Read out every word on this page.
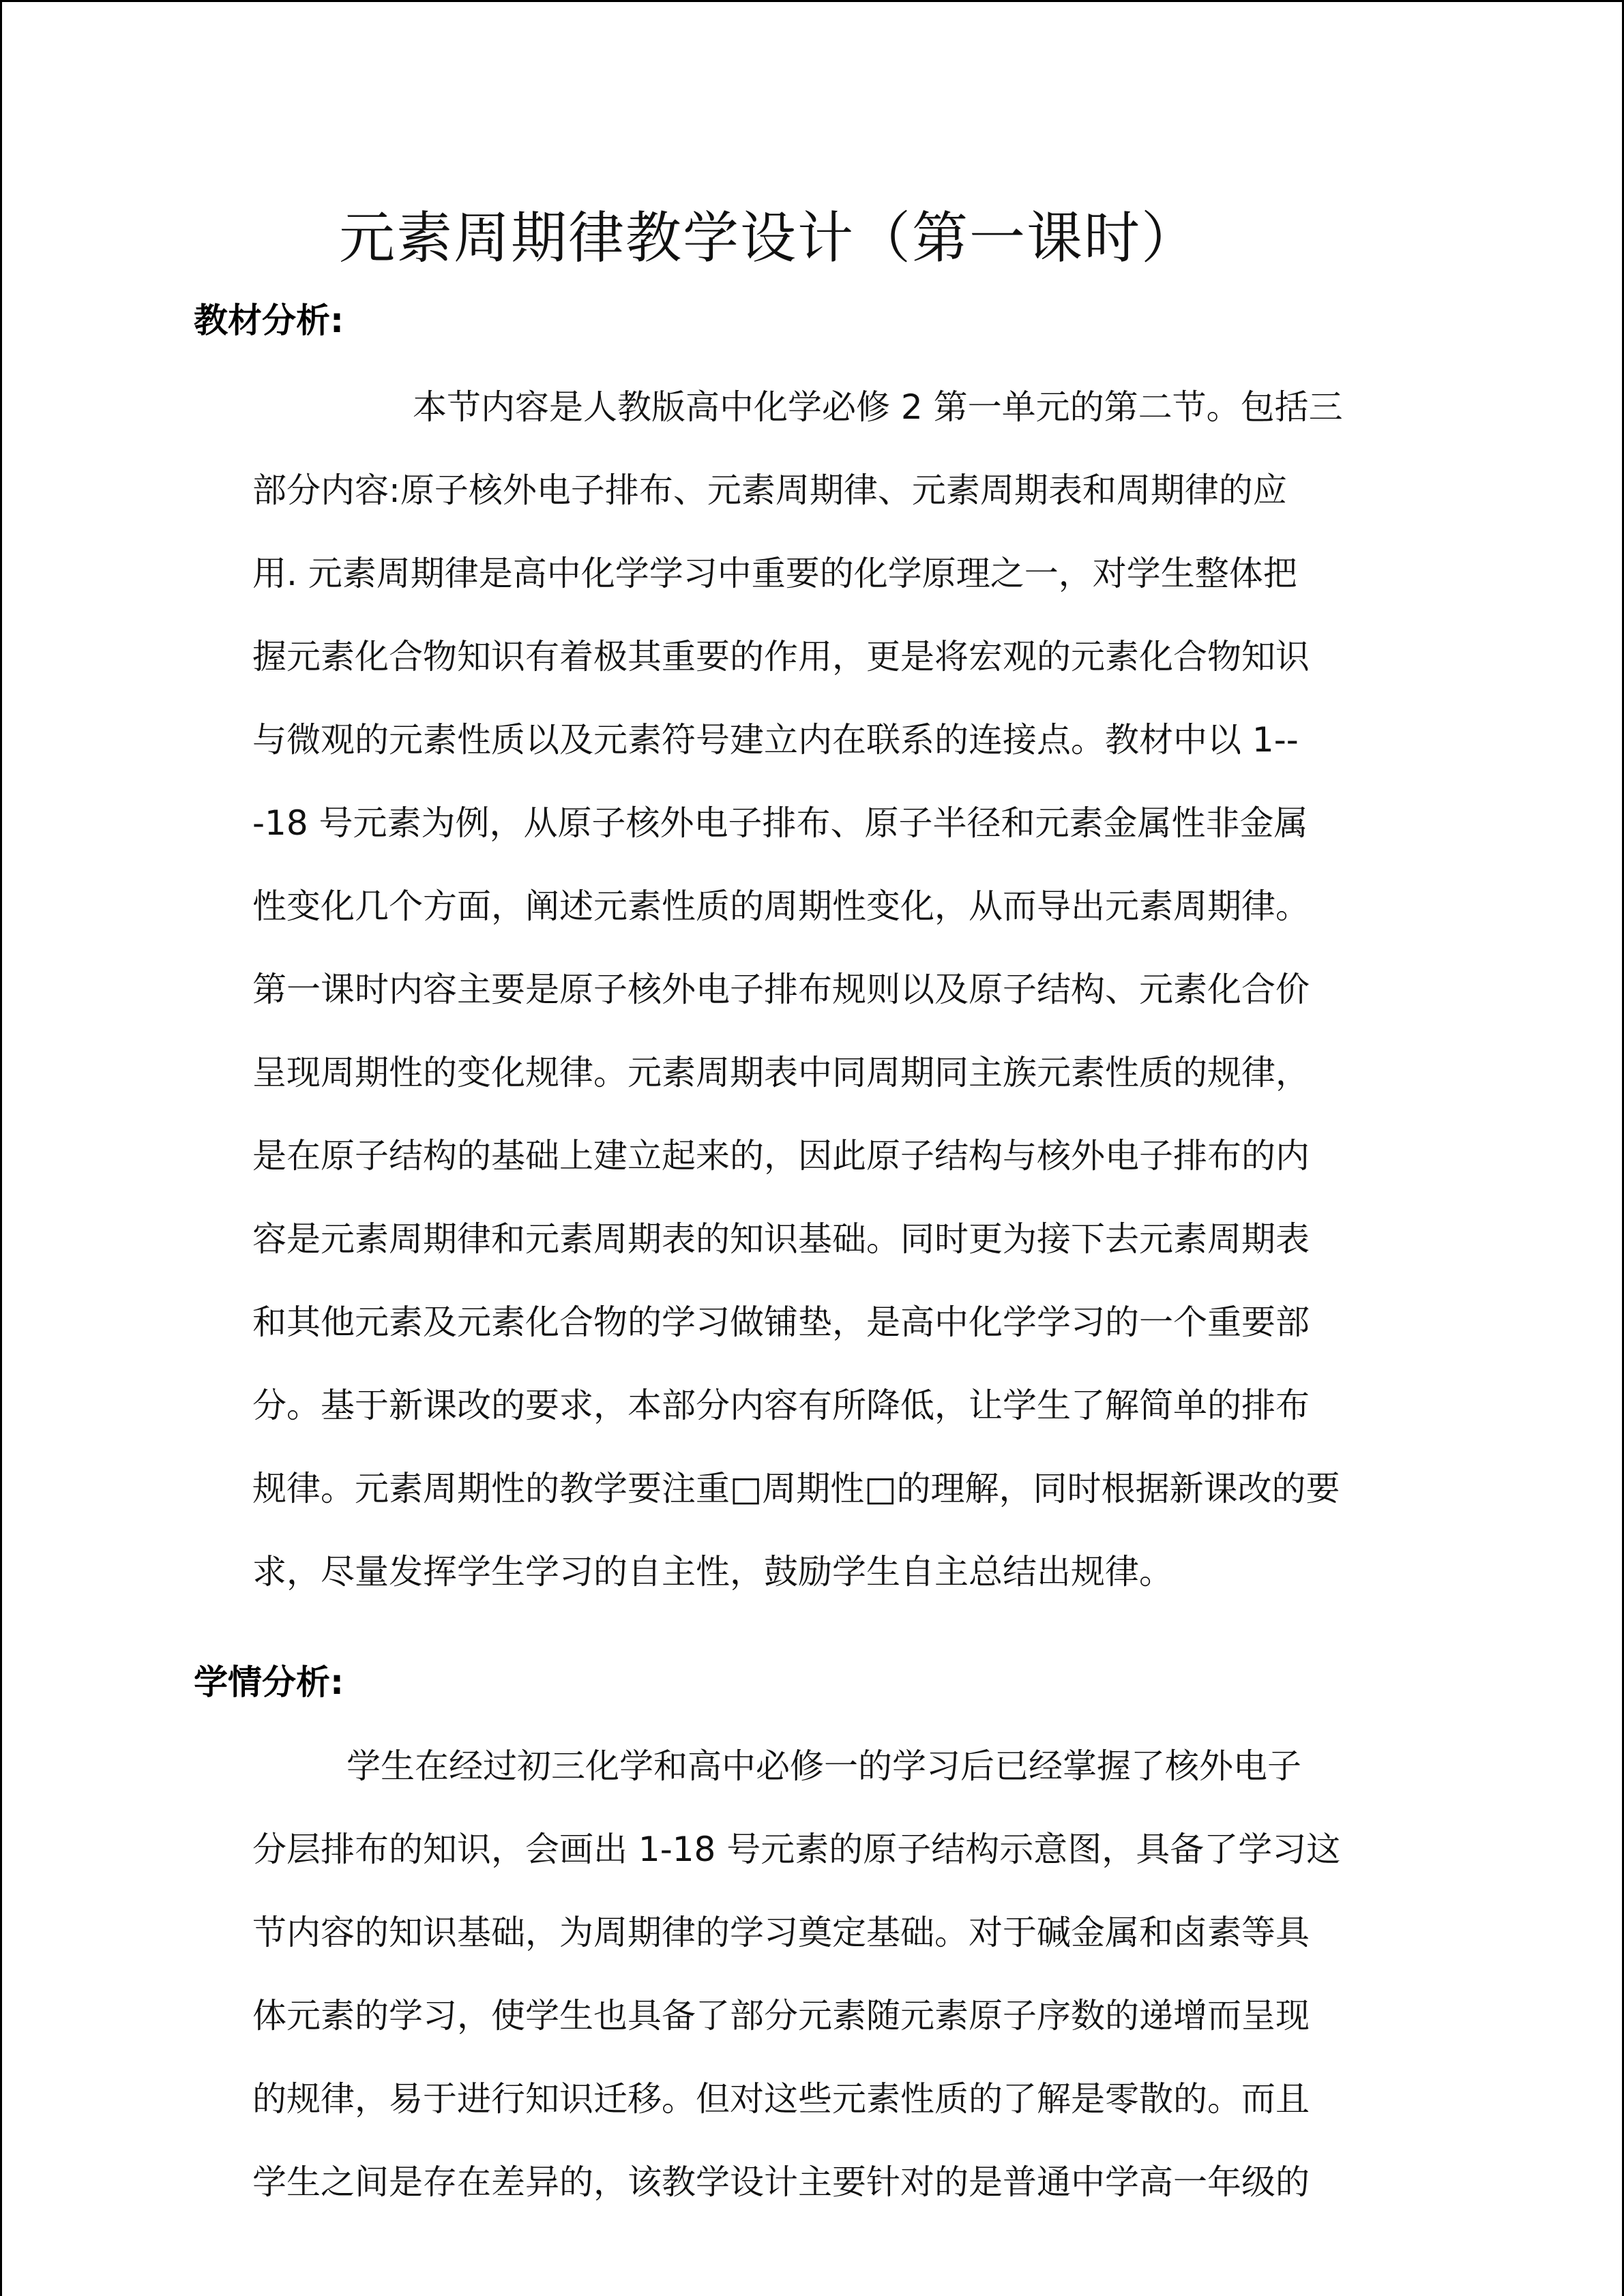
元素周期律教学设计（第一课时）
教材分析:
本节内容是人教版高中化学必修 2 第一单元的第二节。包括三
部分内容:原子核外电子排布、元素周期律、元素周期表和周期律的应
用. 元素周期律是高中化学学习中重要的化学原理之一，对学生整体把
握元素化合物知识有着极其重要的作用，更是将宏观的元素化合物知识
与微观的元素性质以及元素符号建立内在联系的连接点。教材中以 1--
-18 号元素为例，从原子核外电子排布、原子半径和元素金属性非金属
性变化几个方面，阐述元素性质的周期性变化，从而导出元素周期律。
第一课时内容主要是原子核外电子排布规则以及原子结构、元素化合价
呈现周期性的变化规律。元素周期表中同周期同主族元素性质的规律，
是在原子结构的基础上建立起来的，因此原子结构与核外电子排布的内
容是元素周期律和元素周期表的知识基础。同时更为接下去元素周期表
和其他元素及元素化合物的学习做铺垫，是高中化学学习的一个重要部
分。基于新课改的要求，本部分内容有所降低，让学生了解简单的排布
规律。元素周期性的教学要注重□周期性□的理解，同时根据新课改的要
求，尽量发挥学生学习的自主性，鼓励学生自主总结出规律。
学情分析:
学生在经过初三化学和高中必修一的学习后已经掌握了核外电子
分层排布的知识，会画出 1-18 号元素的原子结构示意图，具备了学习这
节内容的知识基础，为周期律的学习奠定基础。对于碱金属和卤素等具
体元素的学习，使学生也具备了部分元素随元素原子序数的递增而呈现
的规律，易于进行知识迁移。但对这些元素性质的了解是零散的。而且
学生之间是存在差异的，该教学设计主要针对的是普通中学高一年级的
